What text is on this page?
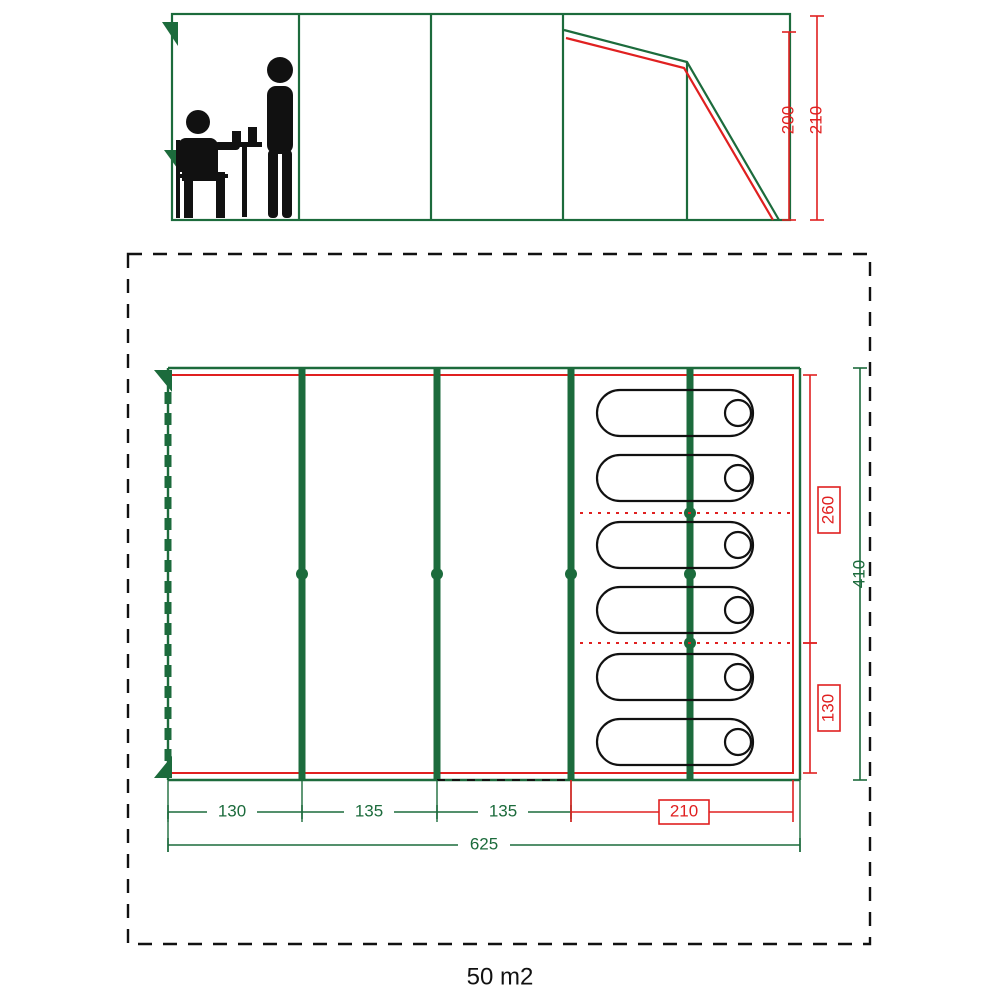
200 210
260
410
130
130	135	135	210
625
50 m2
